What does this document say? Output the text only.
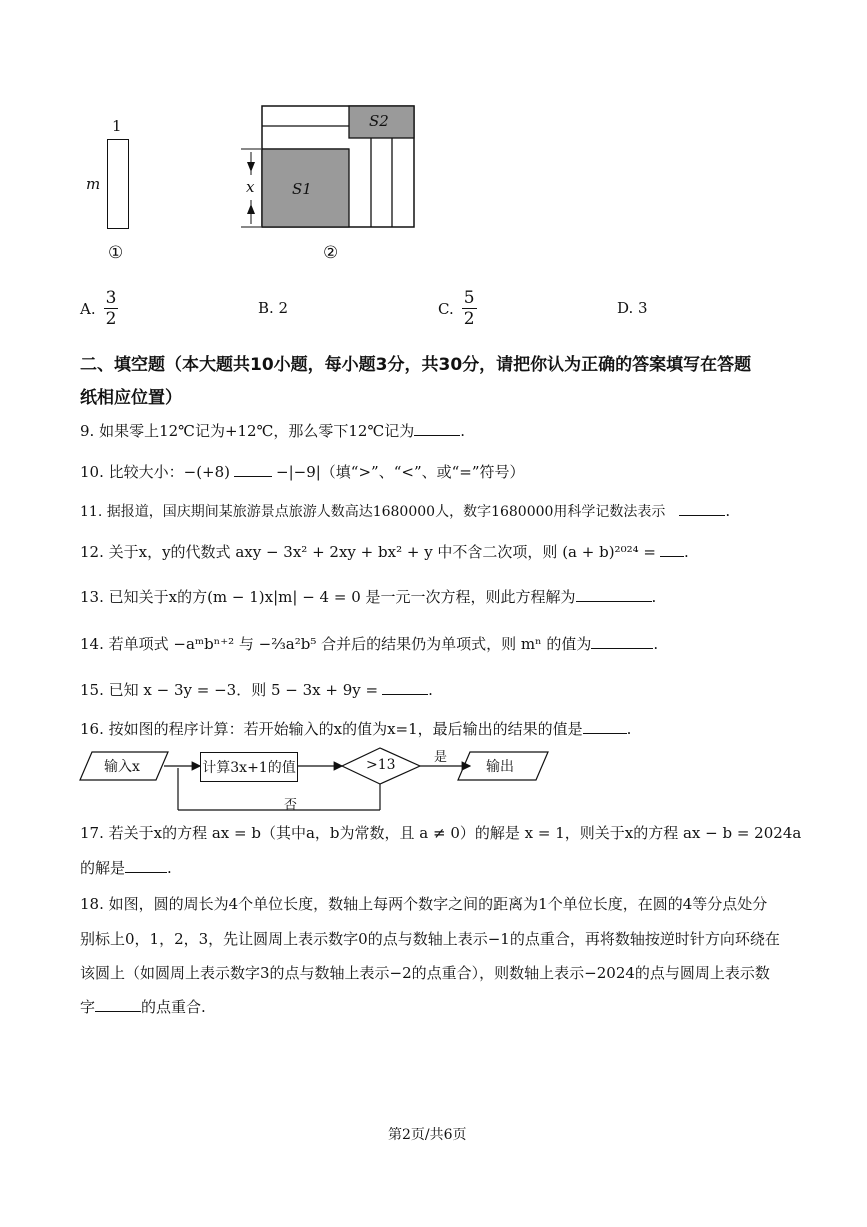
1
m
①
S2
S1
x
②
A. $\frac{3}{2}$	B. 2	C. $\frac{5}{2}$	D. 3
二、填空题（本大题共10小题，每小题3分，共30分，请把你认为正确的答案填写在答题
纸相应位置）
9. 如果零上12℃记为+12℃，那么零下12℃记为	.
10. 比较大小：−(+8)	−|−9|（填“>”、“<”、或“=”符号）
11. 据报道，国庆期间某旅游景点旅游人数高达1680000人，数字1680000用科学记数法表示	.
12. 关于x，y的代数式 axy − 3x² + 2xy + bx² + y 中不含二次项，则 (a + b)²⁰²⁴ = .
13. 已知关于x的方(m − 1)x|m| − 4 = 0 是一元一次方程，则此方程解为	.
14. 若单项式 −aᵐbⁿ⁺² 与 −⅔a²b⁵ 合并后的结果仍为单项式，则 mⁿ 的值为	.
15. 已知 x − 3y = −3．则 5 − 3x + 9y =	.
16. 按如图的程序计算：若开始输入的x的值为x=1，最后输出的结果的值是	.
输入x	计算3x+1的值	>13	是
输出
否
17. 若关于x的方程 ax = b（其中a，b为常数，且 a ≠ 0）的解是 x = 1，则关于x的方程 ax − b = 2024a
的解是	.
18. 如图，圆的周长为4个单位长度，数轴上每两个数字之间的距离为1个单位长度，在圆的4等分点处分
别标上0，1，2，3，先让圆周上表示数字0的点与数轴上表示−1的点重合，再将数轴按逆时针方向环绕在
该圆上（如圆周上表示数字3的点与数轴上表示−2的点重合），则数轴上表示−2024的点与圆周上表示数
字	的点重合.
第2页/共6页
